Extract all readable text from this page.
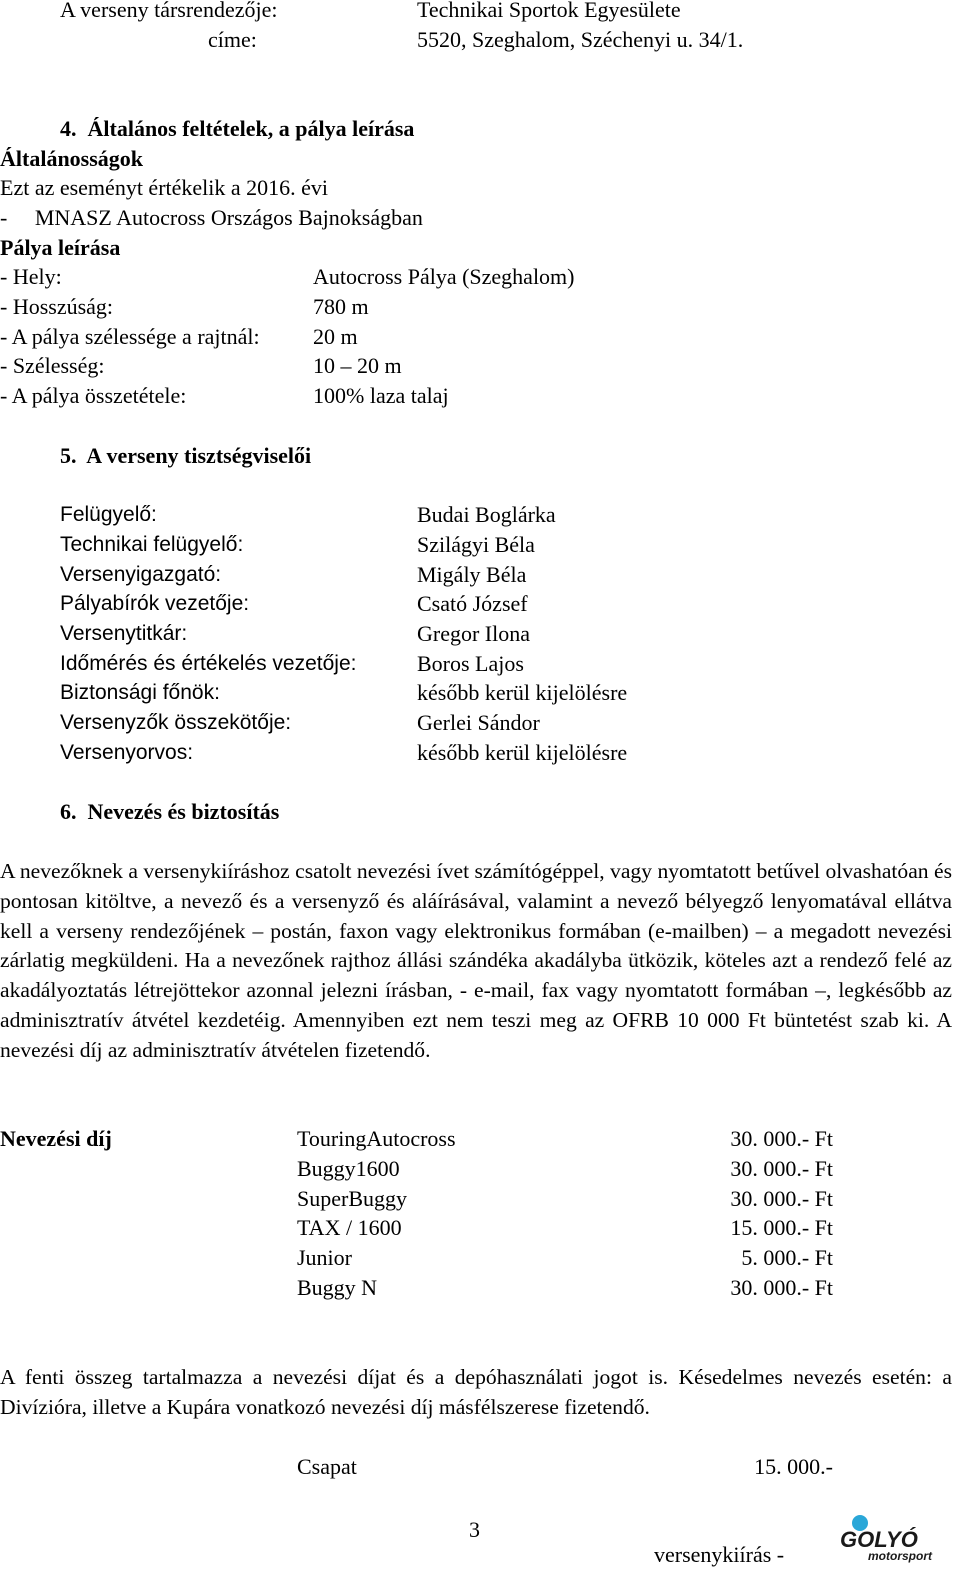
A verseny társrendezője:	Technikai Sportok Egyesülete
címe:	5520, Szeghalom, Széchenyi u. 34/1.
4.  Általános feltételek, a pálya leírása
Általánosságok
Ezt az eseményt értékelik a 2016. évi
-     MNASZ Autocross Országos Bajnokságban
Pálya leírása
- Hely:	Autocross Pálya (Szeghalom)
- Hosszúság:	780 m
- A pálya szélessége a rajtnál: 20 m
- Szélesség:	10 – 20 m
- A pálya összetétele:	100% laza talaj
5.  A verseny tisztségviselői
Felügyelő:	Budai Boglárka
Technikai felügyelő:	Szilágyi Béla
Versenyigazgató:	Migály Béla
Pályabírók vezetője:	Csató József
Versenytitkár:	Gregor Ilona
Időmérés és értékelés vezetője:	Boros Lajos
Biztonsági főnök:	később kerül kijelölésre
Versenyzők összekötője:	Gerlei Sándor
Versenyorvos:	később kerül kijelölésre
6.  Nevezés és biztosítás
A nevezőknek a versenykiíráshoz csatolt nevezési ívet számítógéppel, vagy nyomtatott betűvel olvashatóan és pontosan kitöltve, a nevező és a versenyző és aláírásával, valamint a nevező bélyegző lenyomatával ellátva kell a verseny rendezőjének – postán, faxon vagy elektronikus formában (e-mailben) – a megadott nevezési zárlatig megküldeni. Ha a nevezőnek rajthoz állási szándéka akadályba ütközik, köteles azt a rendező felé az akadályoztatás létrejöttekor azonnal jelezni írásban, - e-mail, fax vagy nyomtatott formában –, legkésőbb az adminisztratív átvétel kezdetéig. Amennyiben ezt nem teszi meg az OFRB 10 000 Ft büntetést szab ki. A nevezési díj az adminisztratív átvételen fizetendő.
Nevezési díj	TouringAutocross	30. 000.- Ft
Buggy1600	30. 000.- Ft
SuperBuggy	30. 000.- Ft
TAX / 1600	15. 000.- Ft
Junior	5. 000.- Ft
Buggy N	30. 000.- Ft
A fenti összeg tartalmazza a nevezési díjat és a depóhasználati jogot is. Késedelmes nevezés esetén: a Divízióra, illetve a Kupára vonatkozó nevezési díj másfélszerese fizetendő.
Csapat	15. 000.-
3
versenykiírás -
GOLYÓ
motorsport
